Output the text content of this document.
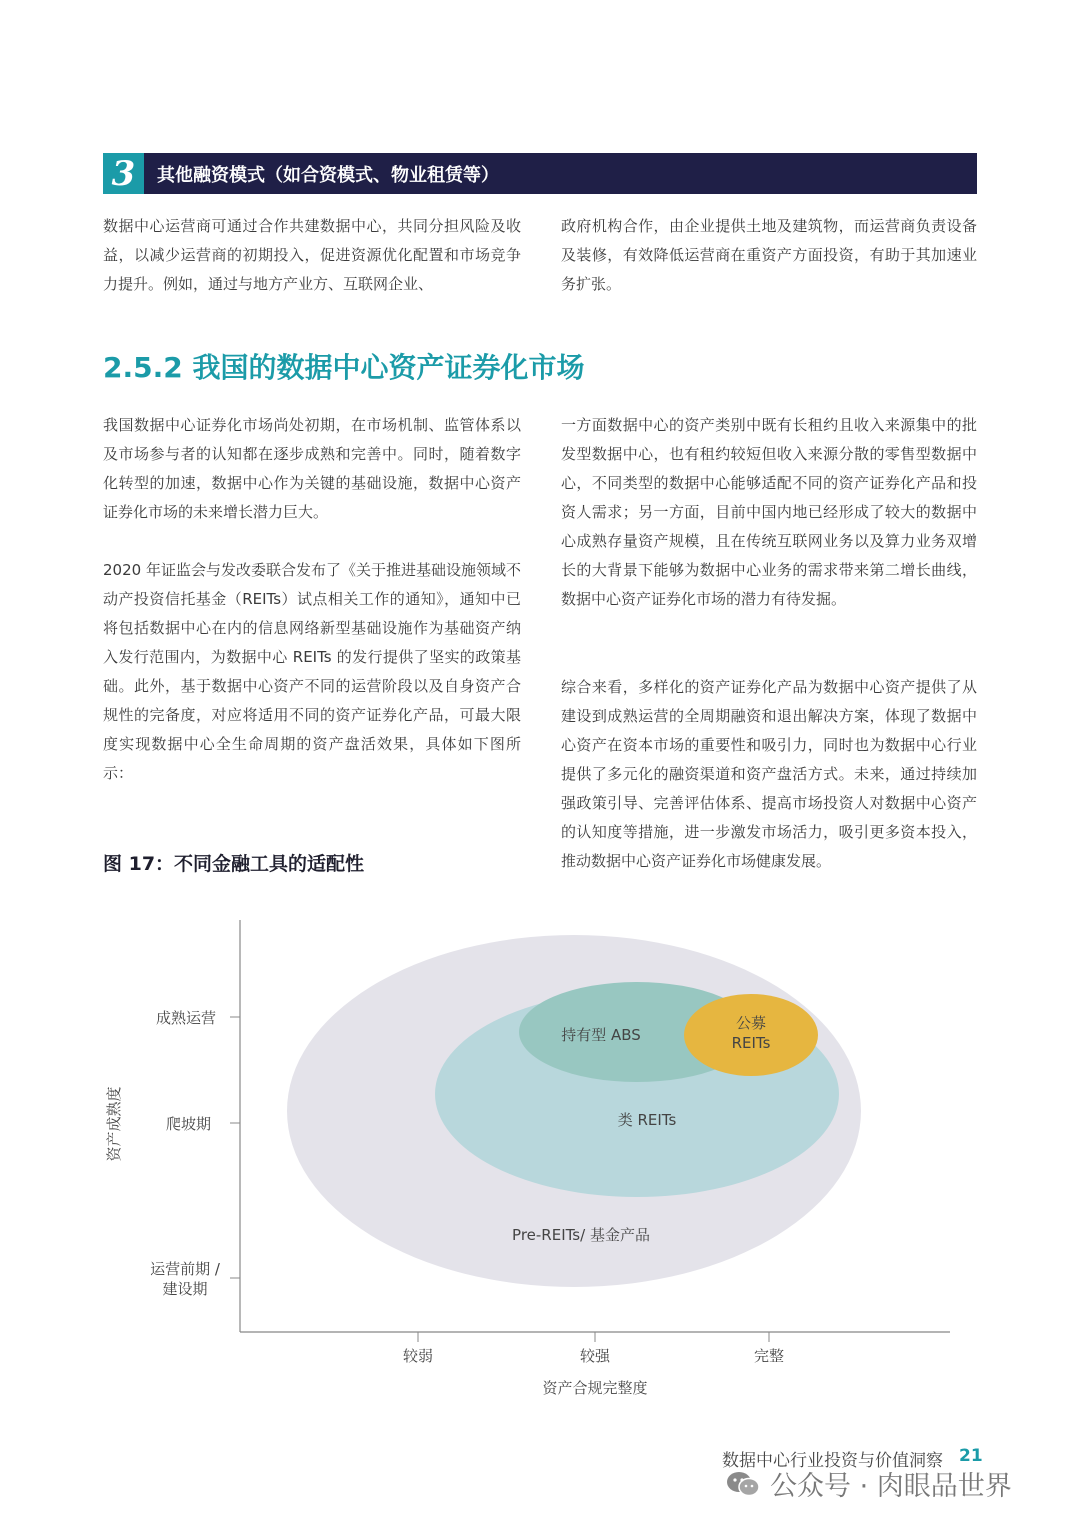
3	其他融资模式（如合资模式、物业租赁等）

数据中心运营商可通过合作共建数据中心，共同分担风险及收益，以减少运营商的初期投入，促进资源优化配置和市场竞争力提升。例如，通过与地方产业方、互联网企业、

政府机构合作，由企业提供土地及建筑物，而运营商负责设备及装修，有效降低运营商在重资产方面投资，有助于其加速业务扩张。

2.5.2 我国的数据中心资产证券化市场

我国数据中心证券化市场尚处初期，在市场机制、监管体系以及市场参与者的认知都在逐步成熟和完善中。同时，随着数字化转型的加速，数据中心作为关键的基础设施，数据中心资产证券化市场的未来增长潜力巨大。

2020 年证监会与发改委联合发布了《关于推进基础设施领域不动产投资信托基金（REITs）试点相关工作的通知》，通知中已将包括数据中心在内的信息网络新型基础设施作为基础资产纳入发行范围内，为数据中心 REITs 的发行提供了坚实的政策基础。此外，基于数据中心资产不同的运营阶段以及自身资产合规性的完备度，对应将适用不同的资产证券化产品，可最大限度实现数据中心全生命周期的资产盘活效果，具体如下图所示：

一方面数据中心的资产类别中既有长租约且收入来源集中的批发型数据中心，也有租约较短但收入来源分散的零售型数据中心，不同类型的数据中心能够适配不同的资产证券化产品和投资人需求；另一方面，目前中国内地已经形成了较大的数据中心成熟存量资产规模，且在传统互联网业务以及算力业务双增长的大背景下能够为数据中心业务的需求带来第二增长曲线，数据中心资产证券化市场的潜力有待发掘。

综合来看，多样化的资产证券化产品为数据中心资产提供了从建设到成熟运营的全周期融资和退出解决方案，体现了数据中心资产在资本市场的重要性和吸引力，同时也为数据中心行业提供了多元化的融资渠道和资产盘活方式。未来，通过持续加强政策引导、完善评估体系、提高市场投资人对数据中心资产的认知度等措施，进一步激发市场活力，吸引更多资本投入，推动数据中心资产证券化市场健康发展。

图 17：不同金融工具的适配性
Pre-REITs/ 基金产品
类 REITs
持有型 ABS
公募 REITs
成熟运营
爬坡期
运营前期 /建设期
较弱	较强	完整
资产合规完整度
资产成熟度
数据中心行业投资与价值洞察 21
公众号 · 肉眼品世界
